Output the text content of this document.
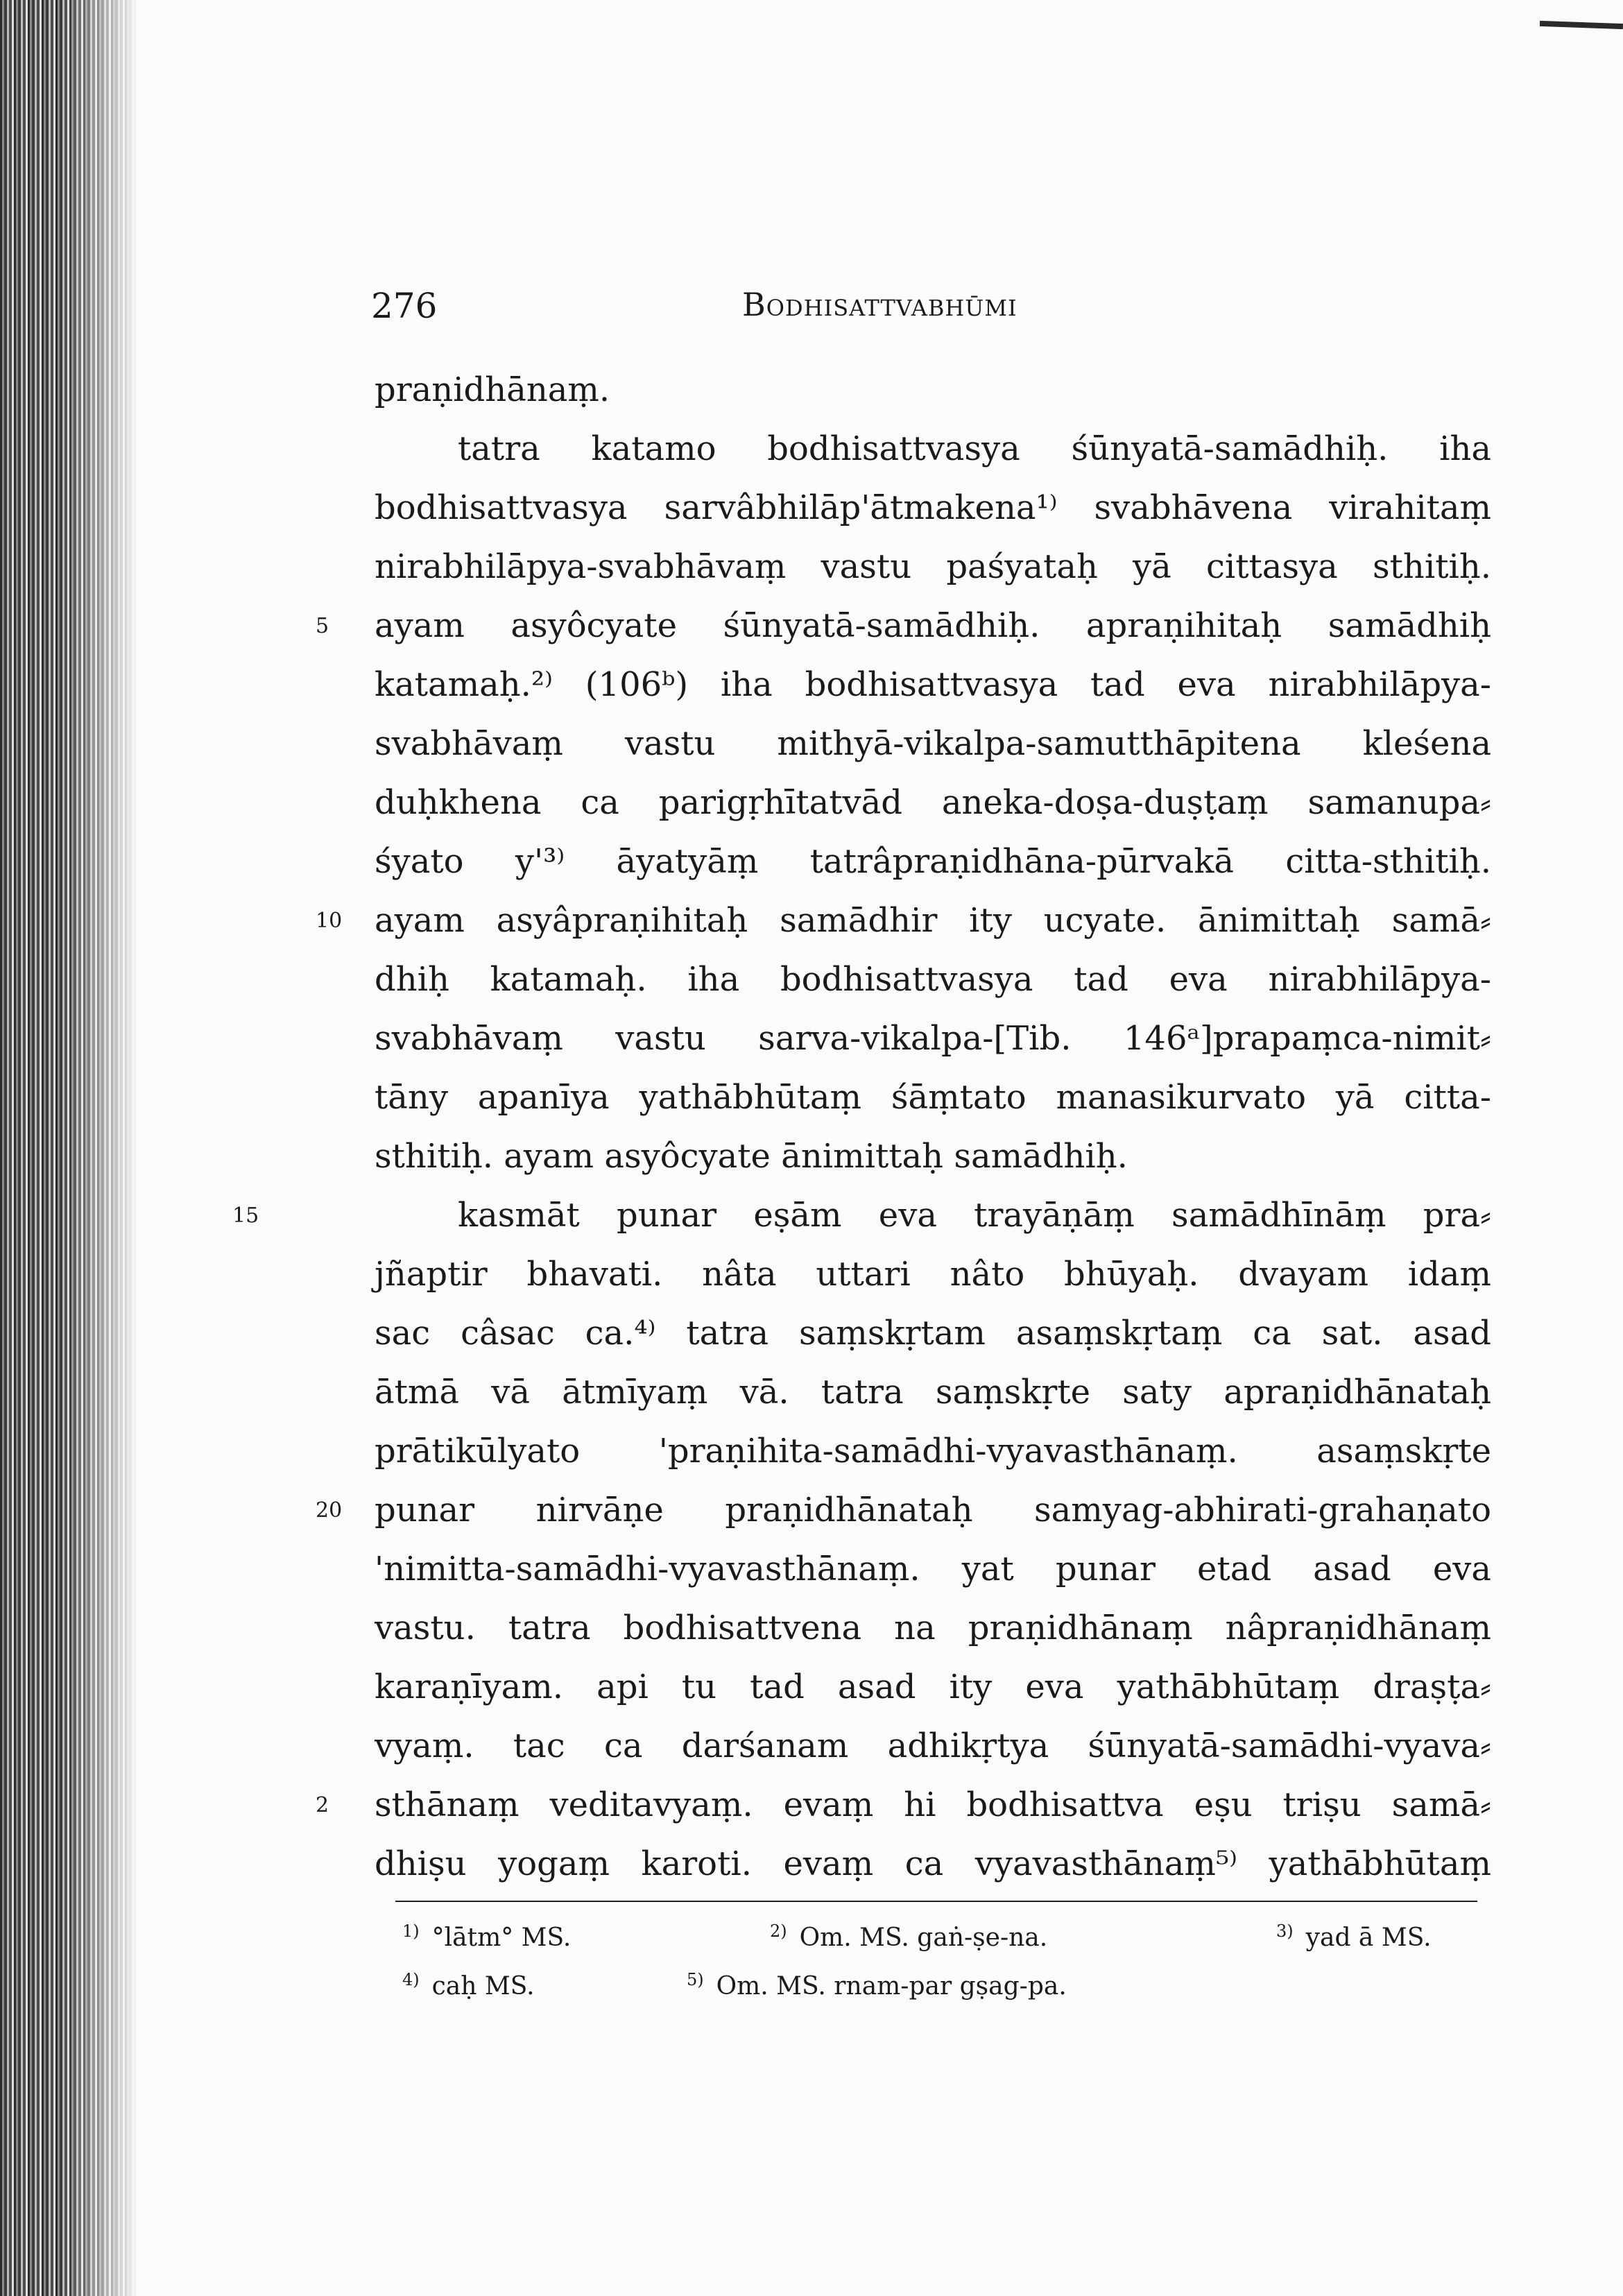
276	Bodhisattvabhūmi
praṇidhānaṃ.
tatra katamo bodhisattvasya śūnyatā-samādhiḥ. iha
bodhisattvasya sarvâbhilāp'ātmakena¹⁾ svabhāvena virahitaṃ
nirabhilāpya-svabhāvaṃ vastu paśyataḥ yā cittasya sthitiḥ.
5 ayam asyôcyate śūnyatā-samādhiḥ. apraṇihitaḥ samādhiḥ
katamaḥ.²⁾ (106ᵇ) iha bodhisattvasya tad eva nirabhilāpya-
svabhāvaṃ vastu mithyā-vikalpa-samutthāpitena kleśena
duḥkhena ca parigṛhītatvād aneka-doṣa-duṣṭaṃ samanupa⸗
śyato y'³⁾ āyatyāṃ tatrâpraṇidhāna-pūrvakā citta-sthitiḥ.
10 ayam asyâpraṇihitaḥ samādhir ity ucyate. ānimittaḥ samā⸗
dhiḥ katamaḥ. iha bodhisattvasya tad eva nirabhilāpya-
svabhāvaṃ vastu sarva-vikalpa-[Tib. 146ᵃ]prapaṃca-nimit⸗
tāny apanīya yathābhūtaṃ śāṃtato manasikurvato yā citta-
sthitiḥ. ayam asyôcyate ānimittaḥ samādhiḥ.
15	kasmāt punar eṣām eva trayāṇāṃ samādhīnāṃ pra⸗
jñaptir bhavati. nâta uttari nâto bhūyaḥ. dvayam idaṃ
sac câsac ca.⁴⁾ tatra saṃskṛtam asaṃskṛtaṃ ca sat. asad
ātmā vā ātmīyaṃ vā. tatra saṃskṛte saty apraṇidhānataḥ
prātikūlyato 'praṇihita-samādhi-vyavasthānaṃ. asaṃskṛte
20 punar nirvāṇe praṇidhānataḥ samyag-abhirati-grahaṇato
'nimitta-samādhi-vyavasthānaṃ. yat punar etad asad eva
vastu. tatra bodhisattvena na praṇidhānaṃ nâpraṇidhānaṃ
karaṇīyam. api tu tad asad ity eva yathābhūtaṃ draṣṭa⸗
vyaṃ. tac ca darśanam adhikṛtya śūnyatā-samādhi-vyava⸗
2 sthānaṃ veditavyaṃ. evaṃ hi bodhisattva eṣu triṣu samā⸗
dhiṣu yogaṃ karoti. evaṃ ca vyavasthānaṃ⁵⁾ yathābhūtaṃ
$^{1)}$ °lātm° MS.	$^{2)}$ Om. MS. gaṅ-ṣe-na.	$^{3)}$ yad ā MS.
$^{4)}$ caḥ MS.	$^{5)}$ Om. MS. rnam-par gṣag-pa.
